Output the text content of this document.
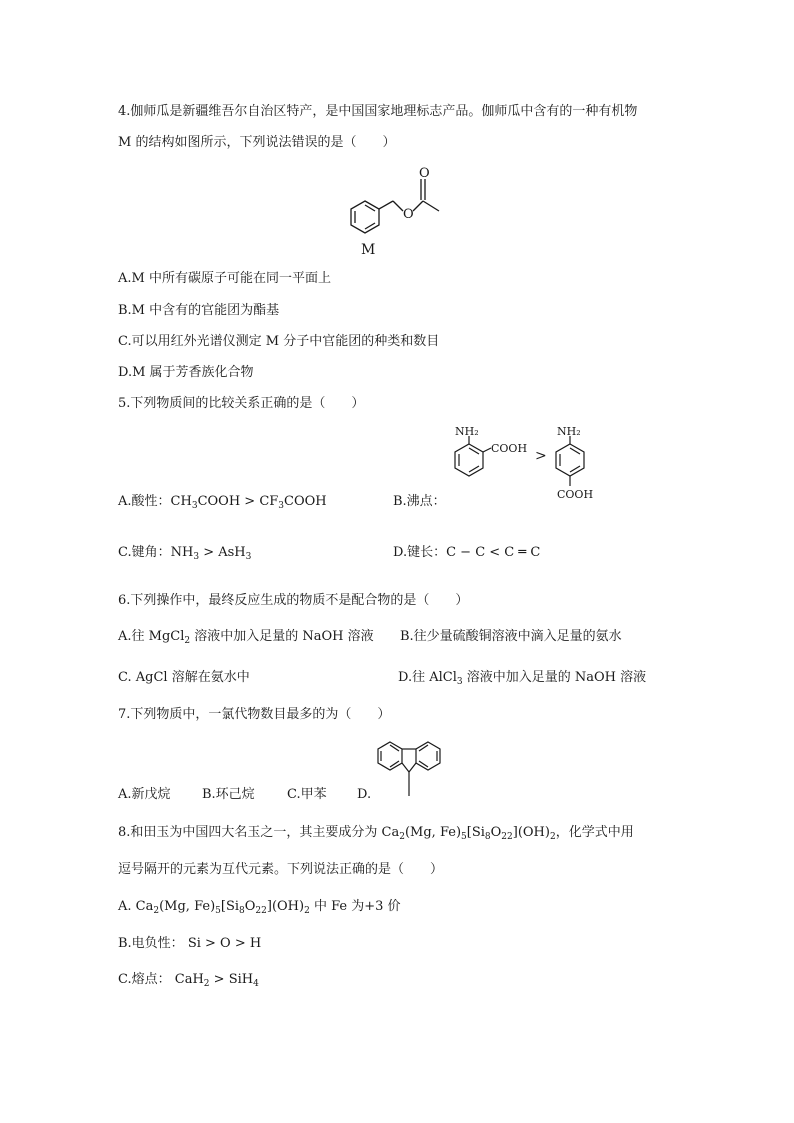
4.伽师瓜是新疆维吾尔自治区特产，是中国国家地理标志产品。伽师瓜中含有的一种有机物
M 的结构如图所示，下列说法错误的是（　　）
O
O
M
A.M 中所有碳原子可能在同一平面上
B.M 中含有的官能团为酯基
C.可以用红外光谱仪测定 M 分子中官能团的种类和数目
D.M 属于芳香族化合物
5.下列物质间的比较关系正确的是（　　）
A.酸性：$CH_3COOH$ > $CF_3COOH$	B.沸点：
NH₂
COOH >
NH₂
COOH
C.键角：$NH_3 > AsH_3$	D.键长：C − C < C ═ C
6.下列操作中，最终反应生成的物质不是配合物的是（　　）
A.往 MgCl$_2$ 溶液中加入足量的 NaOH 溶液 B.往少量硫酸铜溶液中滴入足量的氨水
C. AgCl 溶解在氨水中	D.往 AlCl$_3$ 溶液中加入足量的 NaOH 溶液
7.下列物质中，一氯代物数目最多的为（　　）
A.新戊烷 B.环己烷 C.甲苯 D.
8.和田玉为中国四大名玉之一，其主要成分为 $Ca_2(Mg$, $Fe)_5[Si_8O_{22}](OH)_2$，化学式中用
逗号隔开的元素为互代元素。下列说法正确的是（　　）
A. $Ca_2(Mg$, $Fe)_5[Si_8O_{22}](OH)_2$ 中 Fe 为+3 价
B.电负性： Si > O > H
C.熔点： CaH$_2$ > SiH$_4$
